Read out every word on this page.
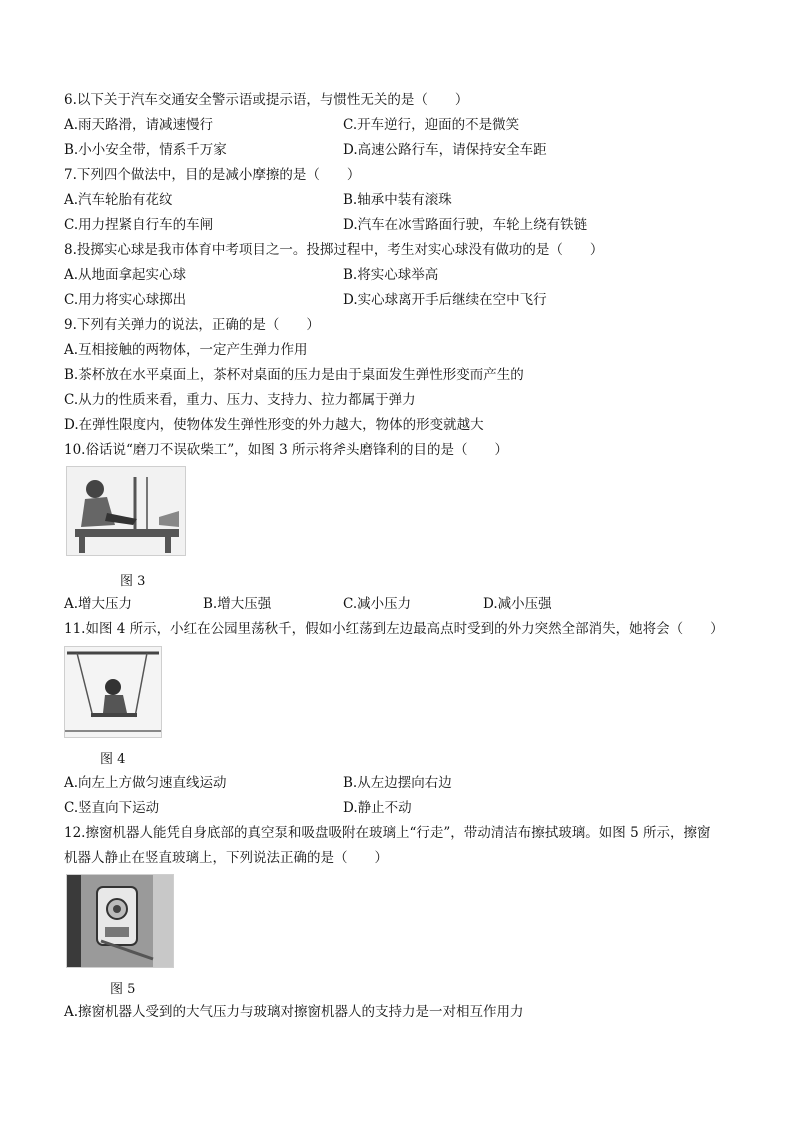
6.以下关于汽车交通安全警示语或提示语，与惯性无关的是（　　）
A.雨天路滑，请减速慢行	C.开车逆行，迎面的不是微笑
B.小小安全带，情系千万家	D.高速公路行车，请保持安全车距
7.下列四个做法中，目的是减小摩擦的是（　　）
A.汽车轮胎有花纹	B.轴承中装有滚珠
C.用力捏紧自行车的车闸	D.汽车在冰雪路面行驶，车轮上绕有铁链
8.投掷实心球是我市体育中考项目之一。投掷过程中，考生对实心球没有做功的是（　　）
A.从地面拿起实心球	B.将实心球举高
C.用力将实心球掷出	D.实心球离开手后继续在空中飞行
9.下列有关弹力的说法，正确的是（　　）
A.互相接触的两物体，一定产生弹力作用
B.茶杯放在水平桌面上，茶杯对桌面的压力是由于桌面发生弹性形变而产生的
C.从力的性质来看，重力、压力、支持力、拉力都属于弹力
D.在弹性限度内，使物体发生弹性形变的外力越大，物体的形变就越大
10.俗话说“磨刀不误砍柴工”，如图 3 所示将斧头磨锋利的目的是（　　）
图 3
A.增大压力	B.增大压强	C.减小压力	D.减小压强
11.如图 4 所示，小红在公园里荡秋千，假如小红荡到左边最高点时受到的外力突然全部消失，她将会（　　）
图 4
A.向左上方做匀速直线运动	B.从左边摆向右边
C.竖直向下运动	D.静止不动
12.擦窗机器人能凭自身底部的真空泵和吸盘吸附在玻璃上“行走”，带动清洁布擦拭玻璃。如图 5 所示，擦窗
机器人静止在竖直玻璃上，下列说法正确的是（　　）
图 5
A.擦窗机器人受到的大气压力与玻璃对擦窗机器人的支持力是一对相互作用力
